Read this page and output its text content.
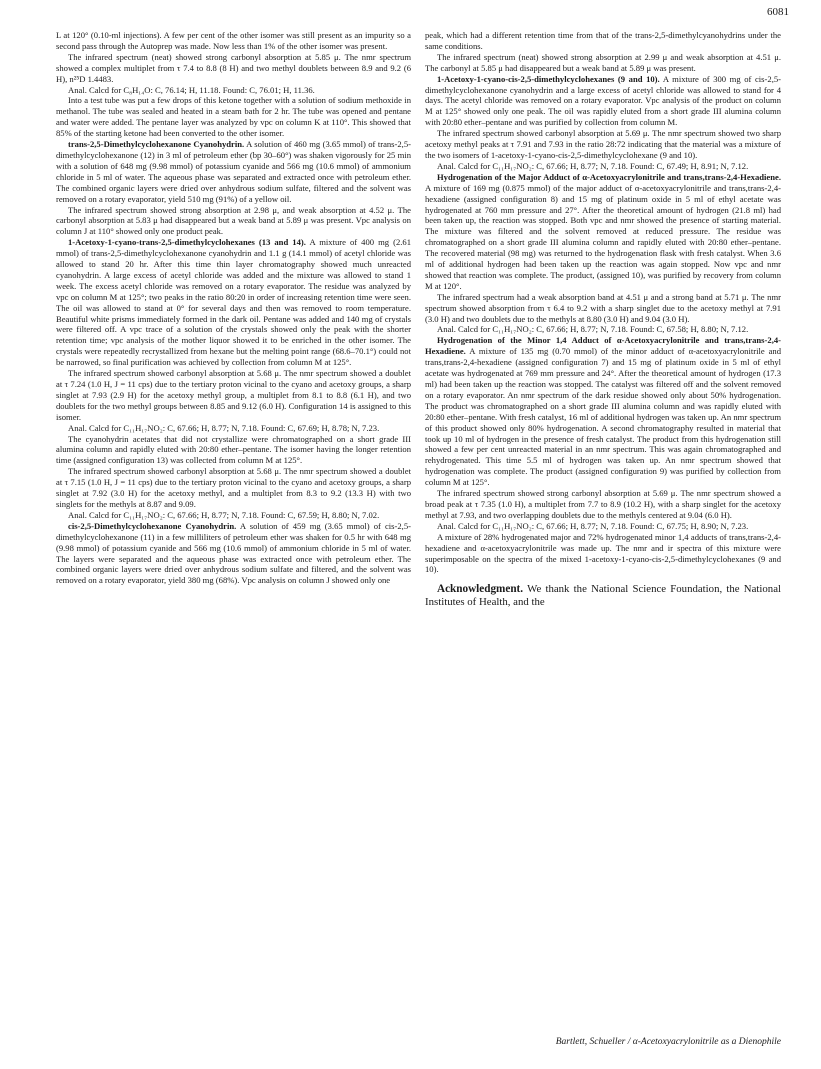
6081

L at 120° (0.10-ml injections). A few per cent of the other isomer was still present as an impurity so a second pass through the Autoprep was made. Now less than 1% of the other isomer was present.

The infrared spectrum (neat) showed strong carbonyl absorption at 5.85 μ. The nmr spectrum showed a complex multiplet from τ 7.4 to 8.8 (8 H) and two methyl doublets between 8.9 and 9.2 (6 H), n²⁵D 1.4483.

Anal. Calcd for C₈H₁₄O: C, 76.14; H, 11.18. Found: C, 76.01; H, 11.36.

Into a test tube was put a few drops of this ketone together with a solution of sodium methoxide in methanol. The tube was sealed and heated in a steam bath for 2 hr. The tube was opened and pentane and water were added. The pentane layer was analyzed by vpc on column K at 110°. This showed that 85% of the starting ketone had been converted to the other isomer.

trans-2,5-Dimethylcyclohexanone Cyanohydrin. A solution of 460 mg (3.65 mmol) of trans-2,5-dimethylcyclohexanone (12) in 3 ml of petroleum ether (bp 30–60°) was shaken vigorously for 25 min with a solution of 648 mg (9.98 mmol) of potassium cyanide and 566 mg (10.6 mmol) of ammonium chloride in 5 ml of water. The aqueous phase was separated and extracted once with petroleum ether. The combined organic layers were dried over anhydrous sodium sulfate, filtered and the solvent was removed on a rotary evaporator, yield 510 mg (91%) of a yellow oil.

The infrared spectrum showed strong absorption at 2.98 μ, and weak absorption at 4.52 μ. The carbonyl absorption at 5.83 μ had disappeared but a weak band at 5.89 μ was present. Vpc analysis on column J at 110° showed only one product peak.

1-Acetoxy-1-cyano-trans-2,5-dimethylcyclohexanes (13 and 14). A mixture of 400 mg (2.61 mmol) of trans-2,5-dimethylcyclohexanone cyanohydrin and 1.1 g (14.1 mmol) of acetyl chloride was allowed to stand 20 hr. After this time thin layer chromatography showed much unreacted cyanohydrin. A large excess of acetyl chloride was added and the mixture was allowed to stand 1 week. The excess acetyl chloride was removed on a rotary evaporator. The residue was analyzed by vpc on column M at 125°; two peaks in the ratio 80:20 in order of increasing retention time were seen. The oil was allowed to stand at 0° for several days and then was removed to room temperature. Beautiful white prisms immediately formed in the dark oil. Pentane was added and 140 mg of crystals were filtered off. A vpc trace of a solution of the crystals showed only the peak with the shorter retention time; vpc analysis of the mother liquor showed it to be enriched in the other isomer. The crystals were repeatedly recrystallized from hexane but the melting point range (68.6–70.1°) could not be narrowed, so final purification was achieved by collection from column M at 125°.

The infrared spectrum showed carbonyl absorption at 5.68 μ. The nmr spectrum showed a doublet at τ 7.24 (1.0 H, J = 11 cps) due to the tertiary proton vicinal to the cyano and acetoxy groups, a sharp singlet at 7.93 (2.9 H) for the acetoxy methyl group, a multiplet from 8.1 to 8.8 (6.1 H), and two doublets for the two methyl groups between 8.85 and 9.12 (6.0 H). Configuration 14 is assigned to this isomer.

Anal. Calcd for C₁₁H₁₇NO₂: C, 67.66; H, 8.77; N, 7.18. Found: C, 67.69; H, 8.78; N, 7.23.

The cyanohydrin acetates that did not crystallize were chromatographed on a short grade III alumina column and rapidly eluted with 20:80 ether–pentane. The isomer having the longer retention time (assigned configuration 13) was collected from column M at 125°.

The infrared spectrum showed carbonyl absorption at 5.68 μ. The nmr spectrum showed a doublet at τ 7.15 (1.0 H, J = 11 cps) due to the tertiary proton vicinal to the cyano and acetoxy groups, a sharp singlet at 7.92 (3.0 H) for the acetoxy methyl, and a multiplet from 8.3 to 9.2 (13.3 H) with two singlets for the methyls at 8.87 and 9.09.

Anal. Calcd for C₁₁H₁₇NO₂: C, 67.66; H, 8.77; N, 7.18. Found: C, 67.59; H, 8.80; N, 7.02.

cis-2,5-Dimethylcyclohexanone Cyanohydrin. A solution of 459 mg (3.65 mmol) of cis-2,5-dimethylcyclohexanone (11) in a few milliliters of petroleum ether was shaken for 0.5 hr with 648 mg (9.98 mmol) of potassium cyanide and 566 mg (10.6 mmol) of ammonium chloride in 5 ml of water. The layers were separated and the aqueous phase was extracted once with petroleum ether. The combined organic layers were dried over anhydrous sodium sulfate and filtered, and the solvent was removed on a rotary evaporator, yield 380 mg (68%). Vpc analysis on column J showed only one

peak, which had a different retention time from that of the trans-2,5-dimethylcyanohydrins under the same conditions.

The infrared spectrum (neat) showed strong absorption at 2.99 μ and weak absorption at 4.51 μ. The carbonyl at 5.85 μ had disappeared but a weak band at 5.89 μ was present.

1-Acetoxy-1-cyano-cis-2,5-dimethylcyclohexanes (9 and 10). A mixture of 300 mg of cis-2,5-dimethylcyclohexanone cyanohydrin and a large excess of acetyl chloride was allowed to stand for 4 days. The acetyl chloride was removed on a rotary evaporator. Vpc analysis of the product on column M at 125° showed only one peak. The oil was rapidly eluted from a short grade III alumina column with 20:80 ether–pentane and was purified by collection from column M.

The infrared spectrum showed carbonyl absorption at 5.69 μ. The nmr spectrum showed two sharp acetoxy methyl peaks at τ 7.91 and 7.93 in the ratio 28:72 indicating that the material was a mixture of the two isomers of 1-acetoxy-1-cyano-cis-2,5-dimethylcyclohexane (9 and 10).

Anal. Calcd for C₁₁H₁₇NO₂: C, 67.66; H, 8.77; N, 7.18. Found: C, 67.49; H, 8.91; N, 7.12.

Hydrogenation of the Major Adduct of α-Acetoxyacrylonitrile and trans,trans-2,4-Hexadiene. A mixture of 169 mg (0.875 mmol) of the major adduct of α-acetoxyacrylonitrile and trans,trans-2,4-hexadiene (assigned configuration 8) and 15 mg of platinum oxide in 5 ml of ethyl acetate was hydrogenated at 760 mm pressure and 27°. After the theoretical amount of hydrogen (21.8 ml) had been taken up, the reaction was stopped. Both vpc and nmr showed the presence of starting material. The mixture was filtered and the solvent removed at reduced pressure. The residue was chromatographed on a short grade III alumina column and rapidly eluted with 20:80 ether–pentane. The recovered material (98 mg) was returned to the hydrogenation flask with fresh catalyst. When 3.6 ml of additional hydrogen had been taken up the reaction was again stopped. Now vpc and nmr showed that reaction was complete. The product, (assigned 10), was purified by recovery from column M at 120°.

The infrared spectrum had a weak absorption band at 4.51 μ and a strong band at 5.71 μ. The nmr spectrum showed absorption from τ 6.4 to 9.2 with a sharp singlet due to the acetoxy methyl at 7.91 (3.0 H) and two doublets due to the methyls at 8.80 (3.0 H) and 9.04 (3.0 H).

Anal. Calcd for C₁₁H₁₇NO₂: C, 67.66; H, 8.77; N, 7.18. Found: C, 67.58; H, 8.80; N, 7.12.

Hydrogenation of the Minor 1,4 Adduct of α-Acetoxyacrylonitrile and trans,trans-2,4-Hexadiene. A mixture of 135 mg (0.70 mmol) of the minor adduct of α-acetoxyacrylonitrile and trans,trans-2,4-hexadiene (assigned configuration 7) and 15 mg of platinum oxide in 5 ml of ethyl acetate was hydrogenated at 769 mm pressure and 24°. After the theoretical amount of hydrogen (17.3 ml) had been taken up the reaction was stopped. The catalyst was filtered off and the solvent removed on a rotary evaporator. An nmr spectrum of the dark residue showed only about 50% hydrogenation. The product was chromatographed on a short grade III alumina column and was rapidly eluted with 20:80 ether–pentane. With fresh catalyst, 16 ml of additional hydrogen was taken up. An nmr spectrum of this product showed only 80% hydrogenation. A second chromatography resulted in material that took up 10 ml of hydrogen in the presence of fresh catalyst. The product from this hydrogenation still showed a few per cent unreacted material in an nmr spectrum. This was again chromatographed and rehydrogenated. This time 5.5 ml of hydrogen was taken up. An nmr spectrum showed that hydrogenation was complete. The product (assigned configuration 9) was purified by collection from column M at 125°.

The infrared spectrum showed strong carbonyl absorption at 5.69 μ. The nmr spectrum showed a broad peak at τ 7.35 (1.0 H), a multiplet from 7.7 to 8.9 (10.2 H), with a sharp singlet for the acetoxy methyl at 7.93, and two overlapping doublets due to the methyls centered at 9.04 (6.0 H).

Anal. Calcd for C₁₁H₁₇NO₂: C, 67.66; H, 8.77; N, 7.18. Found: C, 67.75; H, 8.90; N, 7.23.

A mixture of 28% hydrogenated major and 72% hydrogenated minor 1,4 adducts of trans,trans-2,4-hexadiene and α-acetoxyacrylonitrile was made up. The nmr and ir spectra of this mixture were superimposable on the spectra of the mixed 1-acetoxy-1-cyano-cis-2,5-dimethylcyclohexanes (9 and 10).

Acknowledgment. We thank the National Science Foundation, the National Institutes of Health, and the

Bartlett, Schueller / α-Acetoxyacrylonitrile as a Dienophile
